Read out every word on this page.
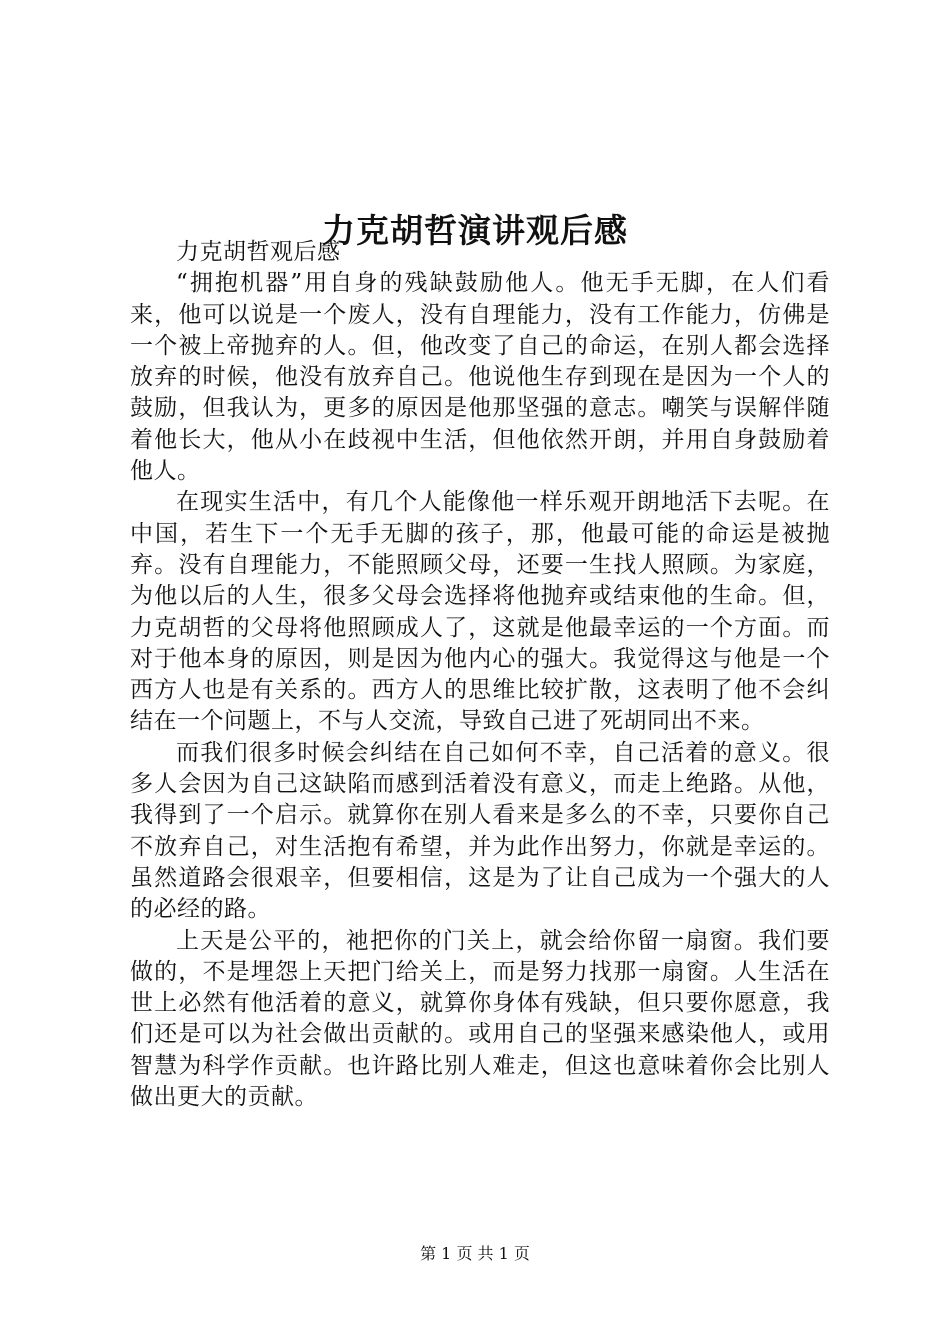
力克胡哲演讲观后感

力克胡哲观后感

“拥抱机器”用自身的残缺鼓励他人。他无手无脚，在人们看来，他可以说是一个废人，没有自理能力，没有工作能力，仿佛是一个被上帝抛弃的人。但，他改变了自己的命运，在别人都会选择放弃的时候，他没有放弃自己。他说他生存到现在是因为一个人的鼓励，但我认为，更多的原因是他那坚强的意志。嘲笑与误解伴随着他长大，他从小在歧视中生活，但他依然开朗，并用自身鼓励着他人。

在现实生活中，有几个人能像他一样乐观开朗地活下去呢。在中国，若生下一个无手无脚的孩子，那，他最可能的命运是被抛弃。没有自理能力，不能照顾父母，还要一生找人照顾。为家庭，为他以后的人生，很多父母会选择将他抛弃或结束他的生命。但，力克胡哲的父母将他照顾成人了，这就是他最幸运的一个方面。而对于他本身的原因，则是因为他内心的强大。我觉得这与他是一个西方人也是有关系的。西方人的思维比较扩散，这表明了他不会纠结在一个问题上，不与人交流，导致自己进了死胡同出不来。

而我们很多时候会纠结在自己如何不幸，自己活着的意义。很多人会因为自己这缺陷而感到活着没有意义，而走上绝路。从他，我得到了一个启示。就算你在别人看来是多么的不幸，只要你自己不放弃自己，对生活抱有希望，并为此作出努力，你就是幸运的。虽然道路会很艰辛，但要相信，这是为了让自己成为一个强大的人的必经的路。

上天是公平的，祂把你的门关上，就会给你留一扇窗。我们要做的，不是埋怨上天把门给关上，而是努力找那一扇窗。人生活在世上必然有他活着的意义，就算你身体有残缺，但只要你愿意，我们还是可以为社会做出贡献的。或用自己的坚强来感染他人，或用智慧为科学作贡献。也许路比别人难走，但这也意味着你会比别人做出更大的贡献。

第 1 页 共 1 页
